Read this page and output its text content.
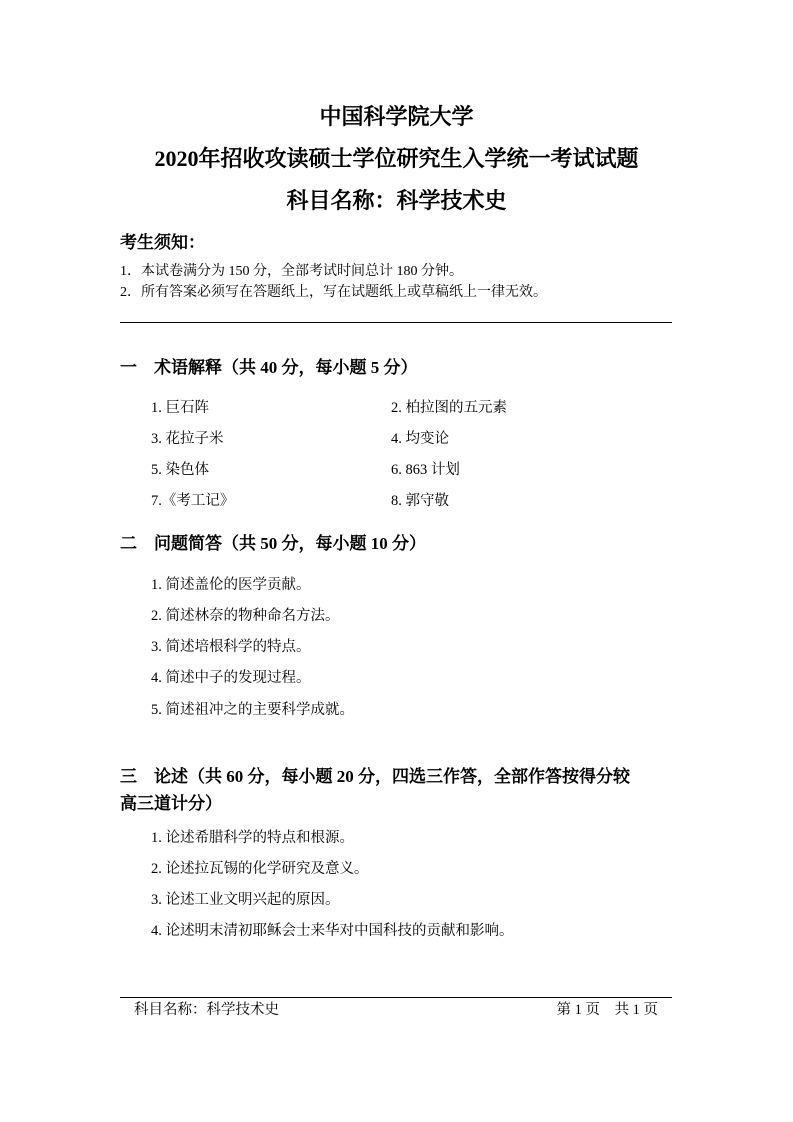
中国科学院大学
2020年招收攻读硕士学位研究生入学统一考试试题
科目名称：科学技术史
考生须知：
1．本试卷满分为 150 分，全部考试时间总计 180 分钟。
2．所有答案必须写在答题纸上，写在试题纸上或草稿纸上一律无效。
一　术语解释（共 40 分，每小题 5 分）
1. 巨石阵	2. 柏拉图的五元素
3. 花拉子米	4. 均变论
5. 染色体	6. 863 计划
7.《考工记》	8. 郭守敬
二　问题简答（共 50 分，每小题 10 分）
1. 简述盖伦的医学贡献。
2. 简述林奈的物种命名方法。
3. 简述培根科学的特点。
4. 简述中子的发现过程。
5. 简述祖冲之的主要科学成就。
三　论述（共 60 分，每小题 20 分，四选三作答，全部作答按得分较
高三道计分）
1. 论述希腊科学的特点和根源。
2. 论述拉瓦锡的化学研究及意义。
3. 论述工业文明兴起的原因。
4. 论述明末清初耶稣会士来华对中国科技的贡献和影响。
科目名称：科学技术史	第 1 页　共 1 页
